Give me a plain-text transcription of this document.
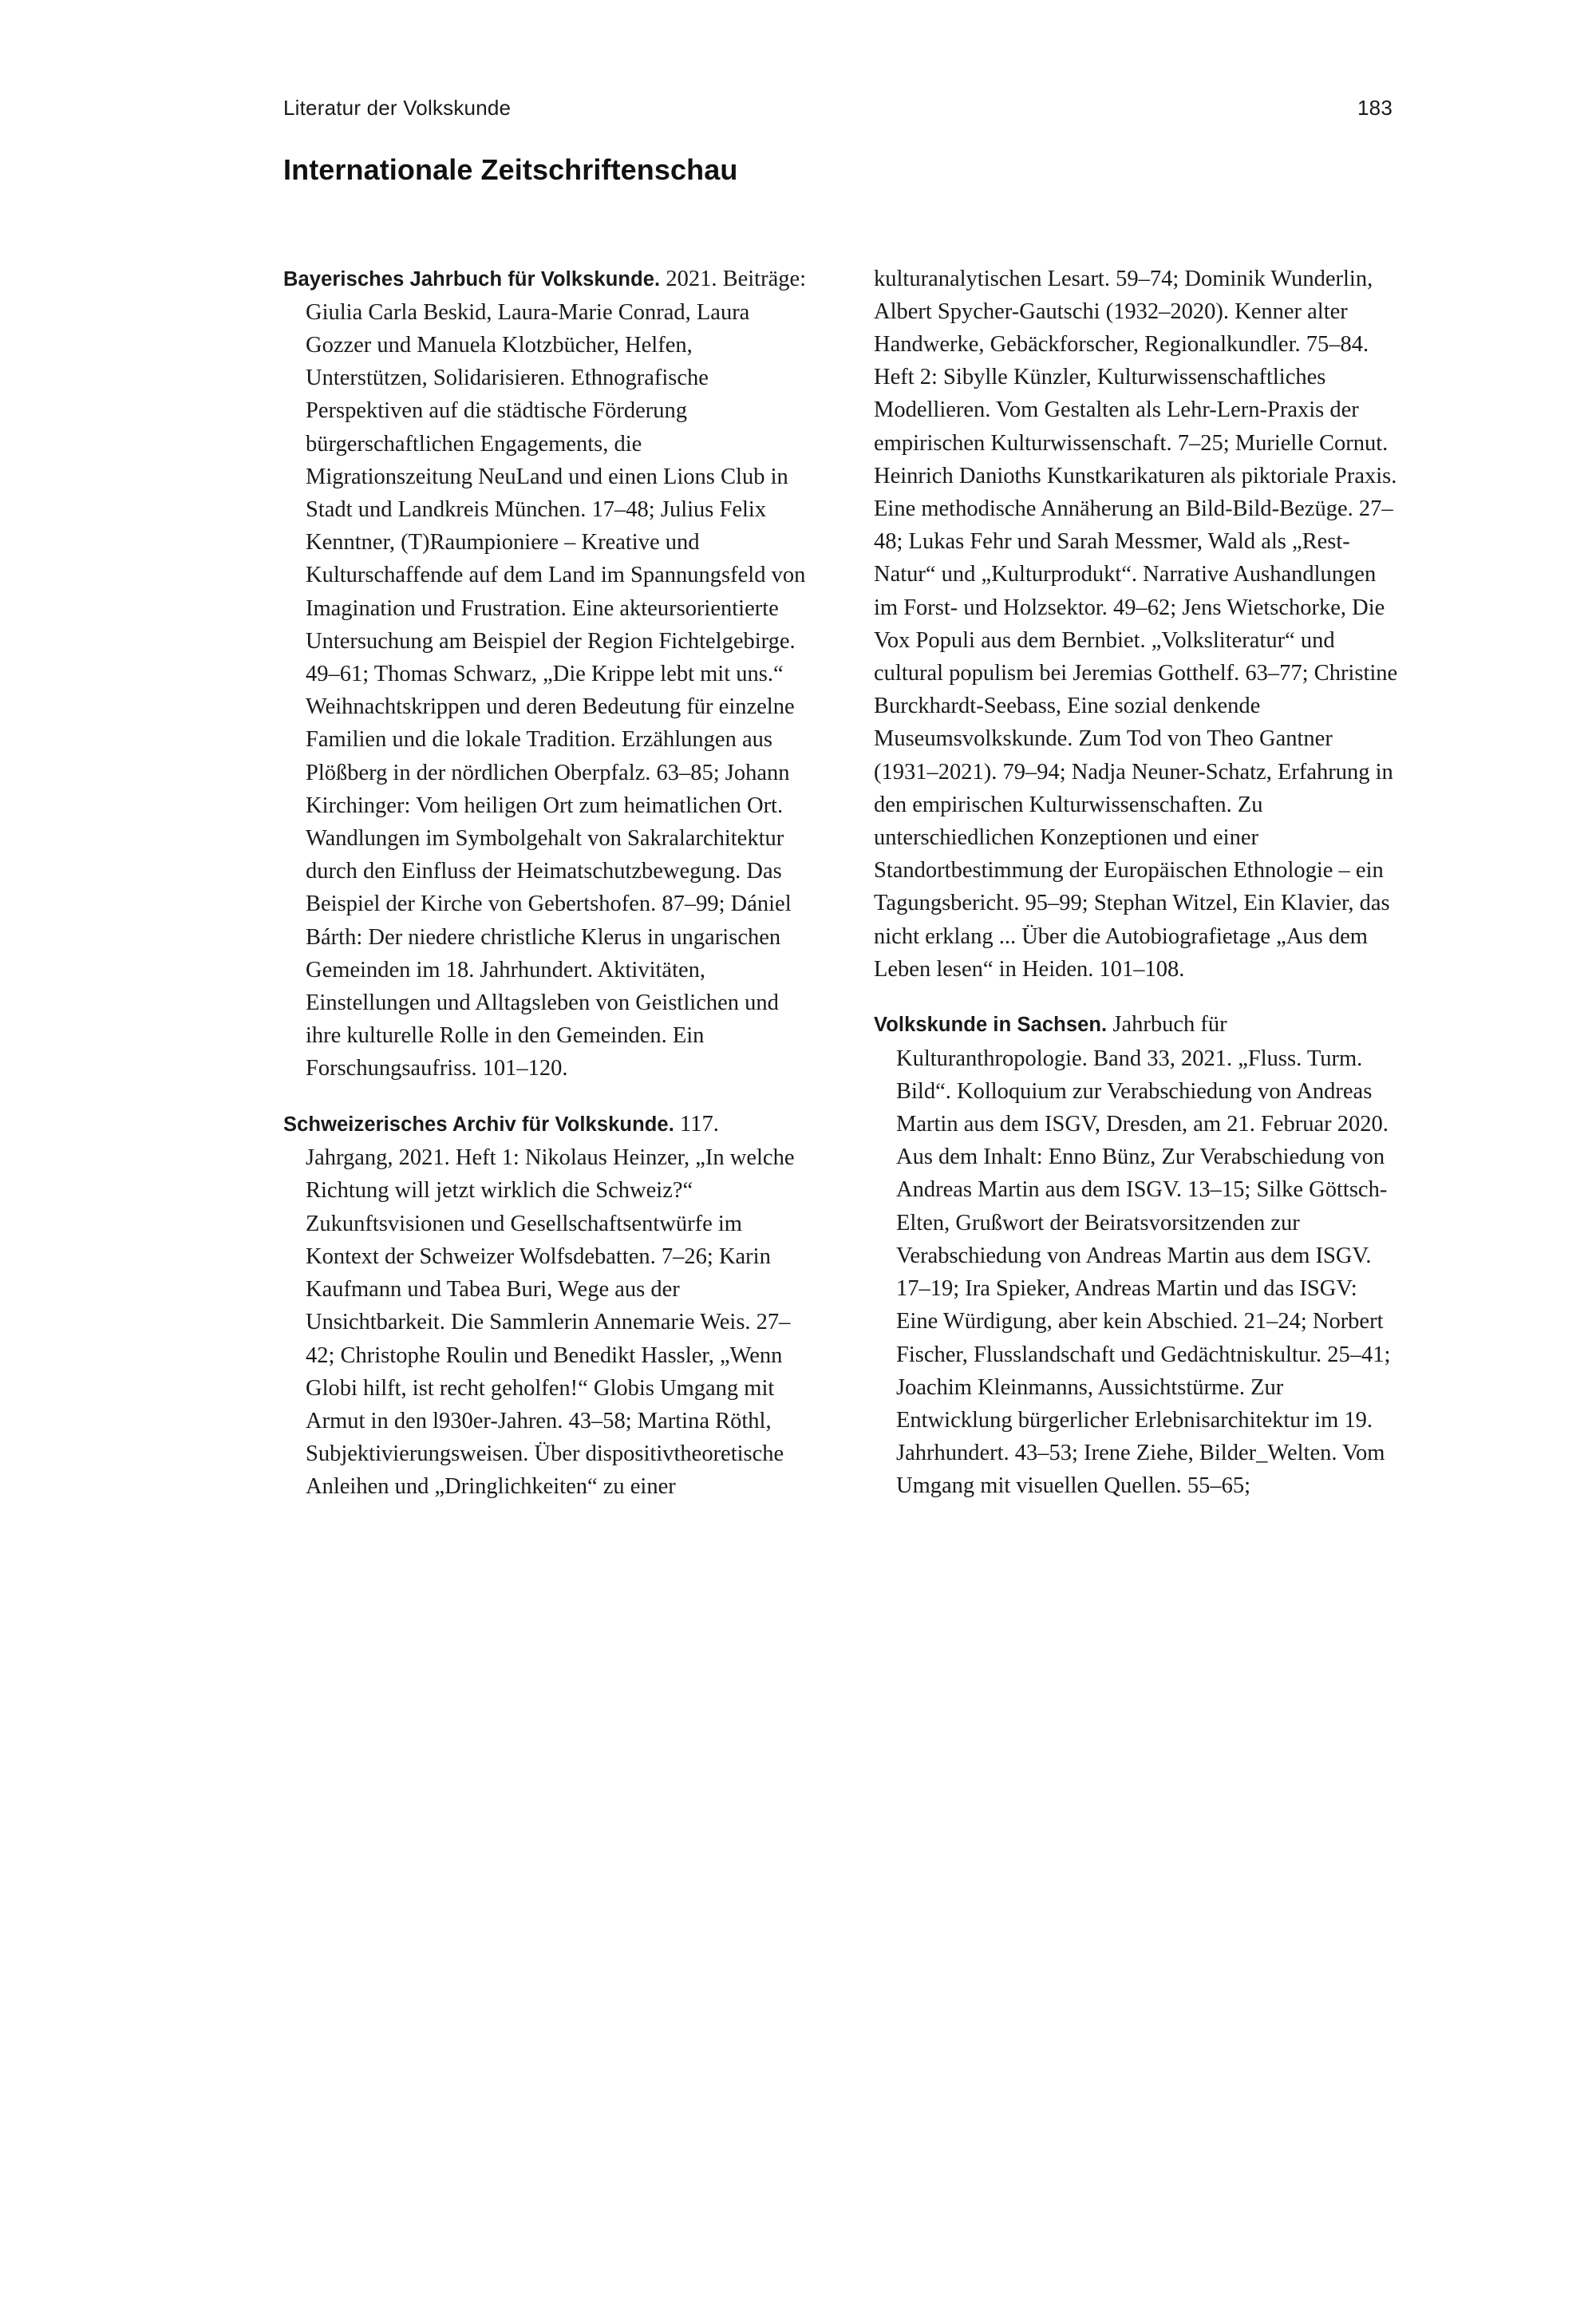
Literatur der Volkskunde	183
Internationale Zeitschriftenschau

Bayerisches Jahrbuch für Volkskunde. 2021. Beiträge: Giulia Carla Beskid, Laura-Marie Conrad, Laura Gozzer und Manuela Klotzbücher, Helfen, Unterstützen, Solidarisieren. Ethnografische Perspektiven auf die städtische Förderung bürgerschaftlichen Engagements, die Migrationszeitung NeuLand und einen Lions Club in Stadt und Landkreis München. 17–48; Julius Felix Kenntner, (T)Raumpioniere – Kreative und Kulturschaffende auf dem Land im Spannungsfeld von Imagination und Frustration. Eine akteursorientierte Untersuchung am Beispiel der Region Fichtelgebirge. 49–61; Thomas Schwarz, „Die Krippe lebt mit uns.“ Weihnachtskrippen und deren Bedeutung für einzelne Familien und die lokale Tradition. Erzählungen aus Plößberg in der nördlichen Oberpfalz. 63–85; Johann Kirchinger: Vom heiligen Ort zum heimatlichen Ort. Wandlungen im Symbolgehalt von Sakralarchitektur durch den Einfluss der Heimatschutzbewegung. Das Beispiel der Kirche von Gebertshofen. 87–99; Dániel Bárth: Der niedere christliche Klerus in ungarischen Gemeinden im 18. Jahrhundert. Aktivitäten, Einstellungen und Alltagsleben von Geistlichen und ihre kulturelle Rolle in den Gemeinden. Ein Forschungsaufriss. 101–120.

Schweizerisches Archiv für Volkskunde. 117. Jahrgang, 2021. Heft 1: Nikolaus Heinzer, „In welche Richtung will jetzt wirklich die Schweiz?“ Zukunftsvisionen und Gesellschaftsentwürfe im Kontext der Schweizer Wolfsdebatten. 7–26; Karin Kaufmann und Tabea Buri, Wege aus der Unsichtbarkeit. Die Sammlerin Annemarie Weis. 27–42; Christophe Roulin und Benedikt Hassler, „Wenn Globi hilft, ist recht geholfen!“ Globis Umgang mit Armut in den l930er-Jahren. 43–58; Martina Röthl, Subjektivierungsweisen. Über dispositivtheoretische Anleihen und „Dringlichkeiten“ zu einer

kulturanalytischen Lesart. 59–74; Dominik Wunderlin, Albert Spycher-Gautschi (1932–2020). Kenner alter Handwerke, Gebäckforscher, Regionalkundler. 75–84. Heft 2: Sibylle Künzler, Kulturwissenschaftliches Modellieren. Vom Gestalten als Lehr-Lern-Praxis der empirischen Kulturwissenschaft. 7–25; Murielle Cornut. Heinrich Danioths Kunstkarikaturen als piktoriale Praxis. Eine methodische Annäherung an Bild-Bild-Bezüge. 27–48; Lukas Fehr und Sarah Messmer, Wald als „Rest-Natur“ und „Kulturprodukt“. Narrative Aushandlungen im Forst- und Holzsektor. 49–62; Jens Wietschorke, Die Vox Populi aus dem Bernbiet. „Volksliteratur“ und cultural populism bei Jeremias Gotthelf. 63–77; Christine Burckhardt-Seebass, Eine sozial denkende Museumsvolkskunde. Zum Tod von Theo Gantner (1931–2021). 79–94; Nadja Neuner-Schatz, Erfahrung in den empirischen Kulturwissenschaften. Zu unterschiedlichen Konzeptionen und einer Standortbestimmung der Europäischen Ethnologie – ein Tagungsbericht. 95–99; Stephan Witzel, Ein Klavier, das nicht erklang ... Über die Autobiografietage „Aus dem Leben lesen“ in Heiden. 101–108.

Volkskunde in Sachsen. Jahrbuch für Kulturanthropologie. Band 33, 2021. „Fluss. Turm. Bild“. Kolloquium zur Verabschiedung von Andreas Martin aus dem ISGV, Dresden, am 21. Februar 2020. Aus dem Inhalt: Enno Bünz, Zur Verabschiedung von Andreas Martin aus dem ISGV. 13–15; Silke Göttsch-Elten, Grußwort der Beiratsvorsitzenden zur Verabschiedung von Andreas Martin aus dem ISGV. 17–19; Ira Spieker, Andreas Martin und das ISGV: Eine Würdigung, aber kein Abschied. 21–24; Norbert Fischer, Flusslandschaft und Gedächtniskultur. 25–41; Joachim Kleinmanns, Aussichtstürme. Zur Entwicklung bürgerlicher Erlebnisarchitektur im 19. Jahrhundert. 43–53; Irene Ziehe, Bilder_Welten. Vom Umgang mit visuellen Quellen. 55–65;
